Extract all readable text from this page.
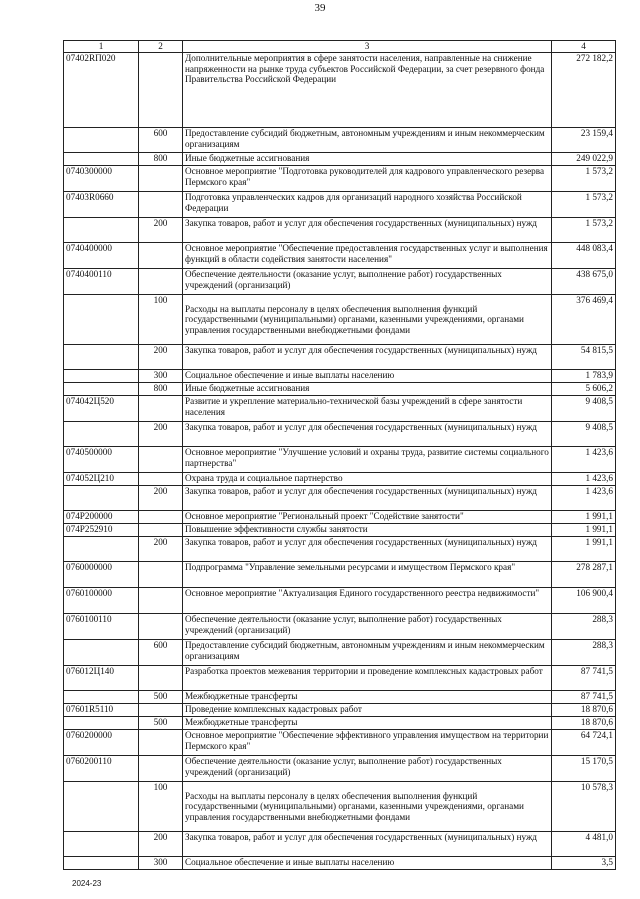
39
1	2	3	4
07402RП020		Дополнительные мероприятия в сфере занятости населения, направленные на снижение напряженности на рынке труда субъектов Российской Федерации, за счет резервного фонда Правительства Российской Федерации	272 182,2
	600	Предоставление субсидий бюджетным, автономным учреждениям и иным некоммерческим организациям	23 159,4
	800	Иные бюджетные ассигнования	249 022,9
0740300000		Основное мероприятие "Подготовка руководителей для кадрового управленческого резерва Пермского края"	1 573,2
07403R0660		Подготовка управленческих кадров для организаций народного хозяйства Российской Федерации	1 573,2
	200	Закупка товаров, работ и услуг для обеспечения государственных (муниципальных) нужд	1 573,2
0740400000		Основное мероприятие "Обеспечение предоставления государственных услуг и выполнения функций в области содействия занятости населения"	448 083,4
0740400110		Обеспечение деятельности (оказание услуг, выполнение работ) государственных учреждений (организаций)	438 675,0
	100	Расходы на выплаты персоналу в целях обеспечения выполнения функций государственными (муниципальными) органами, казенными учреждениями, органами управления государственными внебюджетными фондами	376 469,4
	200	Закупка товаров, работ и услуг для обеспечения государственных (муниципальных) нужд	54 815,5
	300	Социальное обеспечение и иные выплаты населению	1 783,9
	800	Иные бюджетные ассигнования	5 606,2
074042Ц520		Развитие и укрепление материально-технической базы учреждений в сфере занятости населения	9 408,5
	200	Закупка товаров, работ и услуг для обеспечения государственных (муниципальных) нужд	9 408,5
0740500000		Основное мероприятие "Улучшение условий и охраны труда, развитие системы социального партнерства"	1 423,6
074052Ц210		Охрана труда и социальное партнерство	1 423,6
	200	Закупка товаров, работ и услуг для обеспечения государственных (муниципальных) нужд	1 423,6
074P200000		Основное мероприятие "Региональный проект "Содействие занятости"	1 991,1
074P252910		Повышение эффективности службы занятости	1 991,1
	200	Закупка товаров, работ и услуг для обеспечения государственных (муниципальных) нужд	1 991,1
0760000000		Подпрограмма "Управление земельными ресурсами и имуществом Пермского края"	278 287,1
0760100000		Основное мероприятие "Актуализация Единого государственного реестра недвижимости"	106 900,4
0760100110		Обеспечение деятельности (оказание услуг, выполнение работ) государственных учреждений (организаций)	288,3
	600	Предоставление субсидий бюджетным, автономным учреждениям и иным некоммерческим организациям	288,3
076012Ц140		Разработка проектов межевания территории и проведение комплексных кадастровых работ	87 741,5
	500	Межбюджетные трансферты	87 741,5
07601R5110		Проведение комплексных кадастровых работ	18 870,6
	500	Межбюджетные трансферты	18 870,6
0760200000		Основное мероприятие "Обеспечение эффективного управления имуществом на территории Пермского края"	64 724,1
0760200110		Обеспечение деятельности (оказание услуг, выполнение работ) государственных учреждений (организаций)	15 170,5
	100	Расходы на выплаты персоналу в целях обеспечения выполнения функций государственными (муниципальными) органами, казенными учреждениями, органами управления государственными внебюджетными фондами	10 578,3
	200	Закупка товаров, работ и услуг для обеспечения государственных (муниципальных) нужд	4 481,0
	300	Социальное обеспечение и иные выплаты населению	3,5
2024-23
